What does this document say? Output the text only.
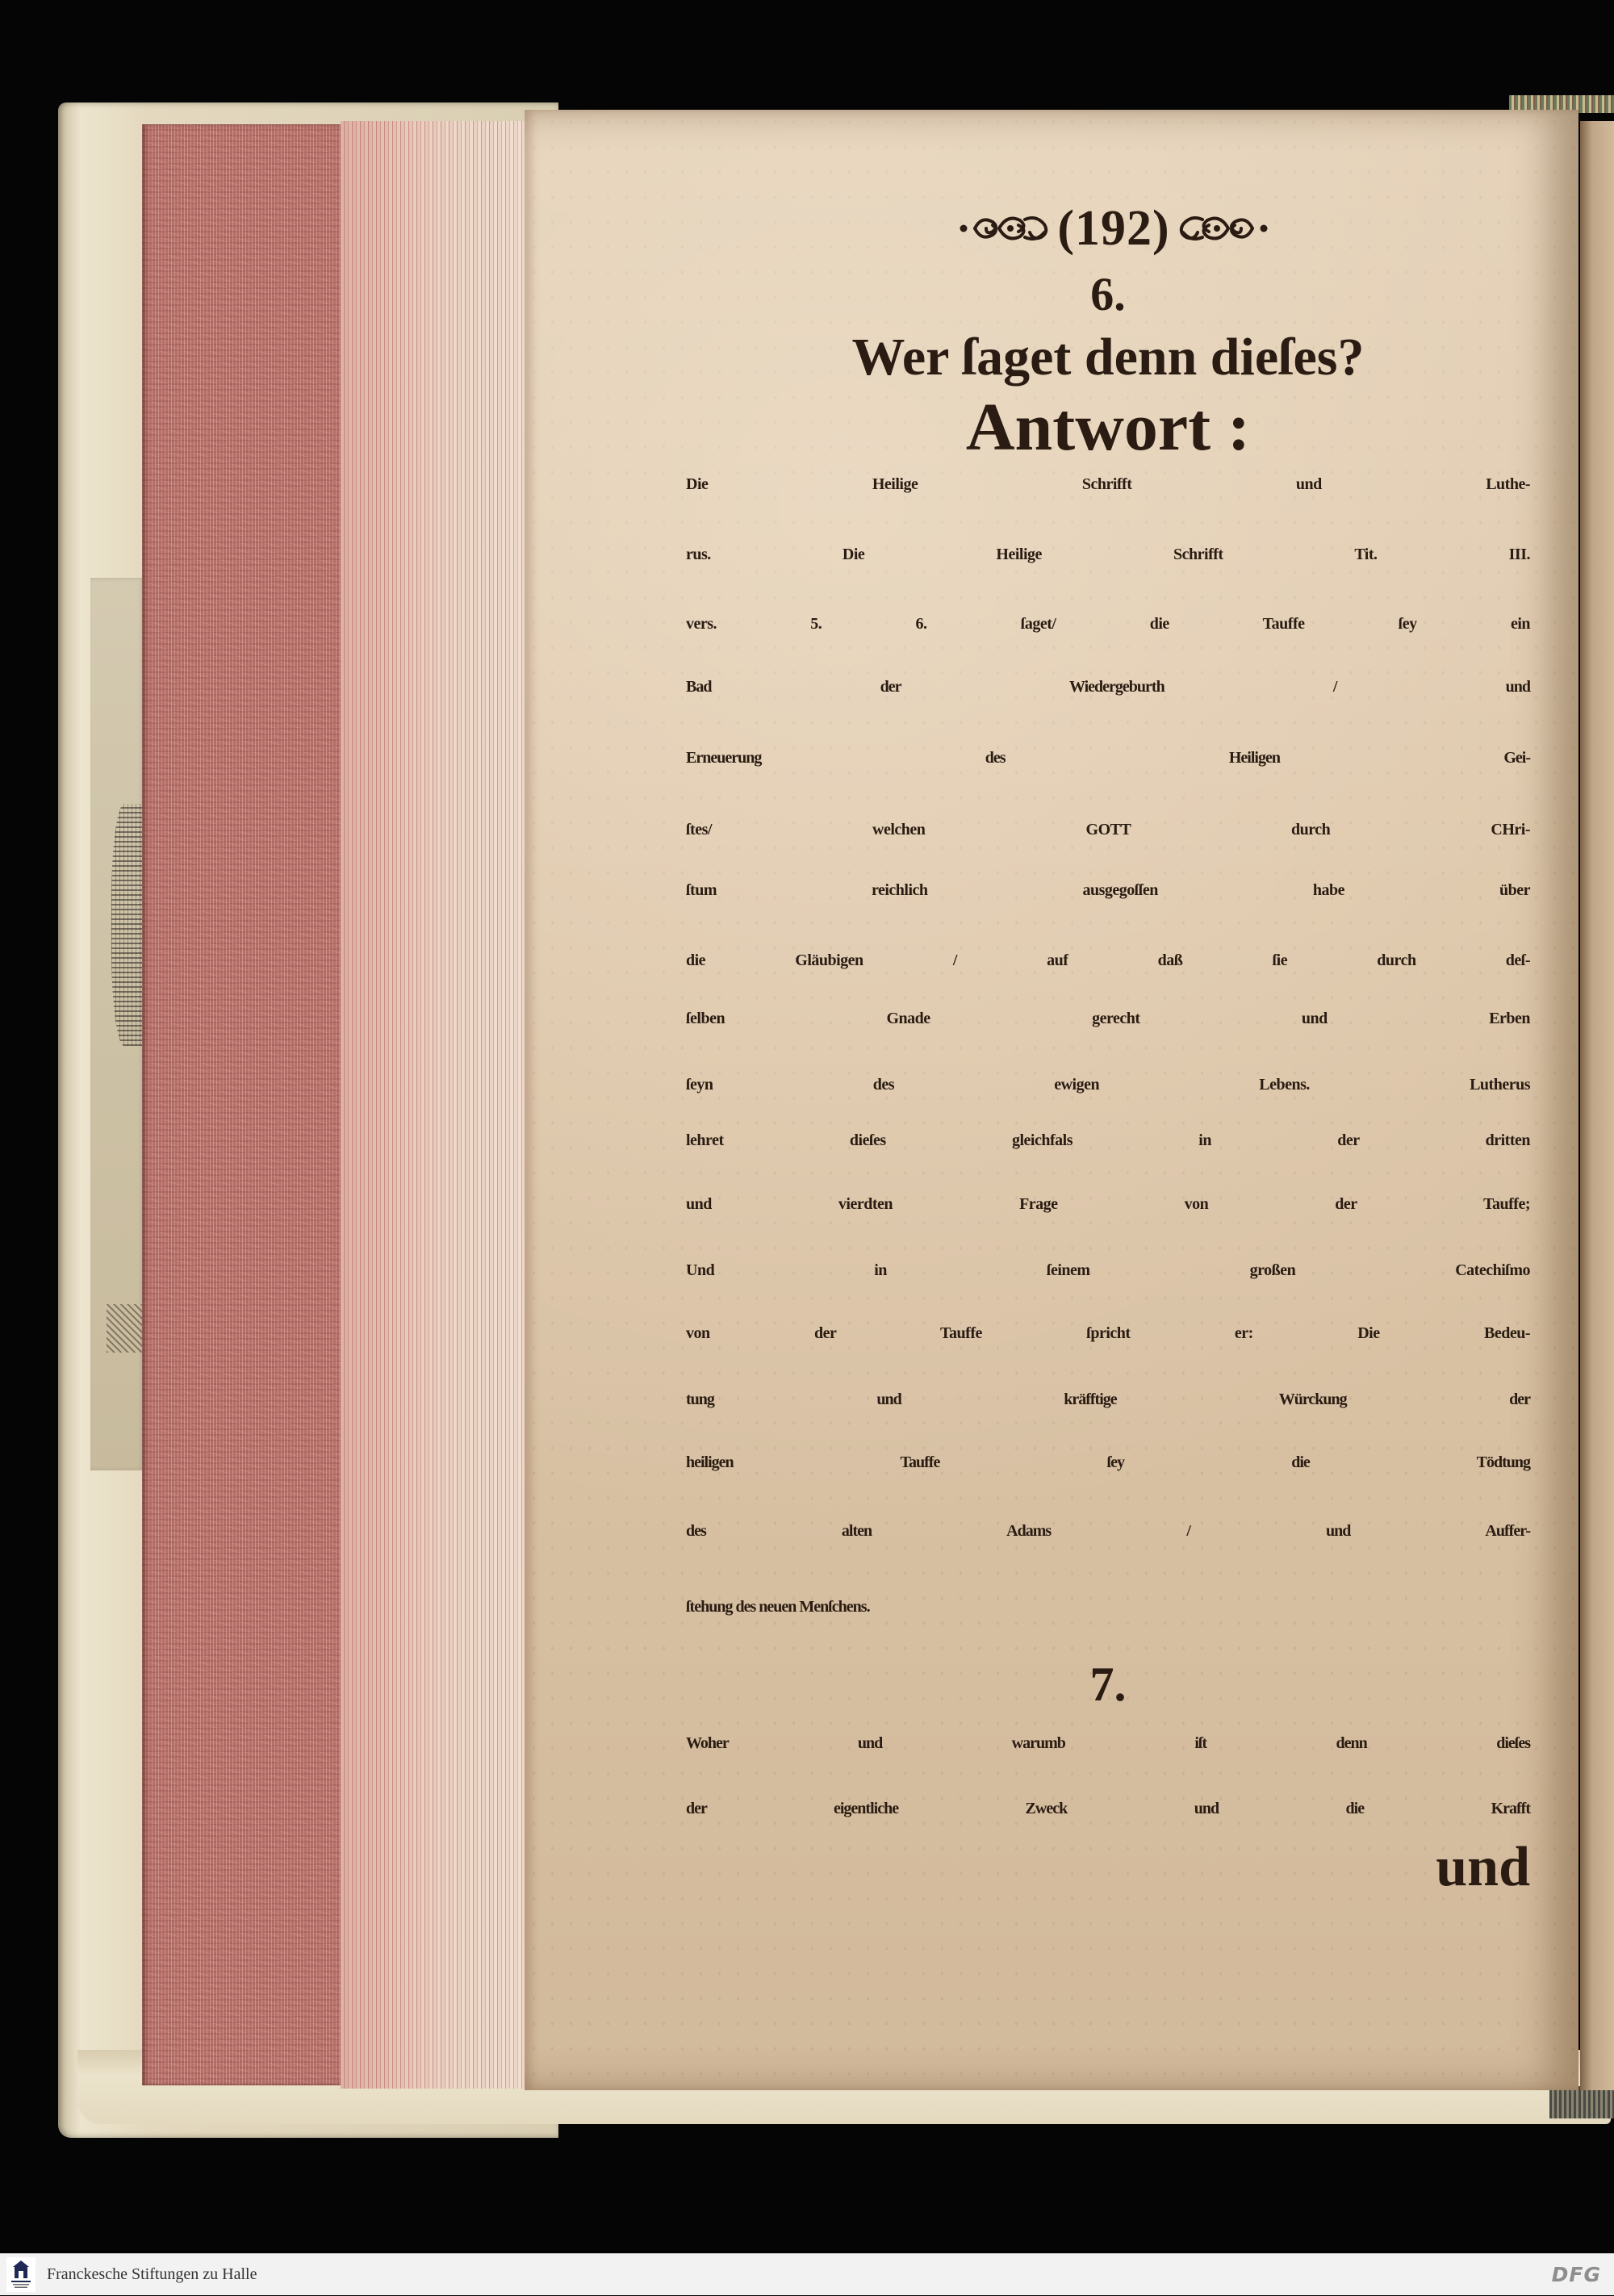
(192)
6.
Wer ſaget denn dieſes?
Antwort :
Die Heilige Schrifft und Luthe-
rus. Die Heilige Schrifft Tit. III.
vers. 5. 6. ſaget/ die Tauffe ſey ein
Bad der Wiedergeburth / und
Erneuerung des Heiligen Gei-
ſtes/ welchen GOTT durch CHri-
ſtum reichlich ausgegoſſen habe über
die Gläubigen / auf daß ſie durch deſ-
ſelben Gnade gerecht und Erben
ſeyn des ewigen Lebens. Lutherus
lehret dieſes gleichfals in der dritten
und vierdten Frage von der Tauffe;
Und in ſeinem großen Catechiſmo
von der Tauffe ſpricht er: Die Bedeu-
tung und kräfftige Würckung der
heiligen Tauffe ſey die Tödtung
des alten Adams / und Auffer-
ſtehung des neuen Menſchens.
7.
Woher und warumb iſt denn dieſes
der eigentliche Zweck und die Krafft
und
Franckesche Stiftungen zu Halle	DFG
